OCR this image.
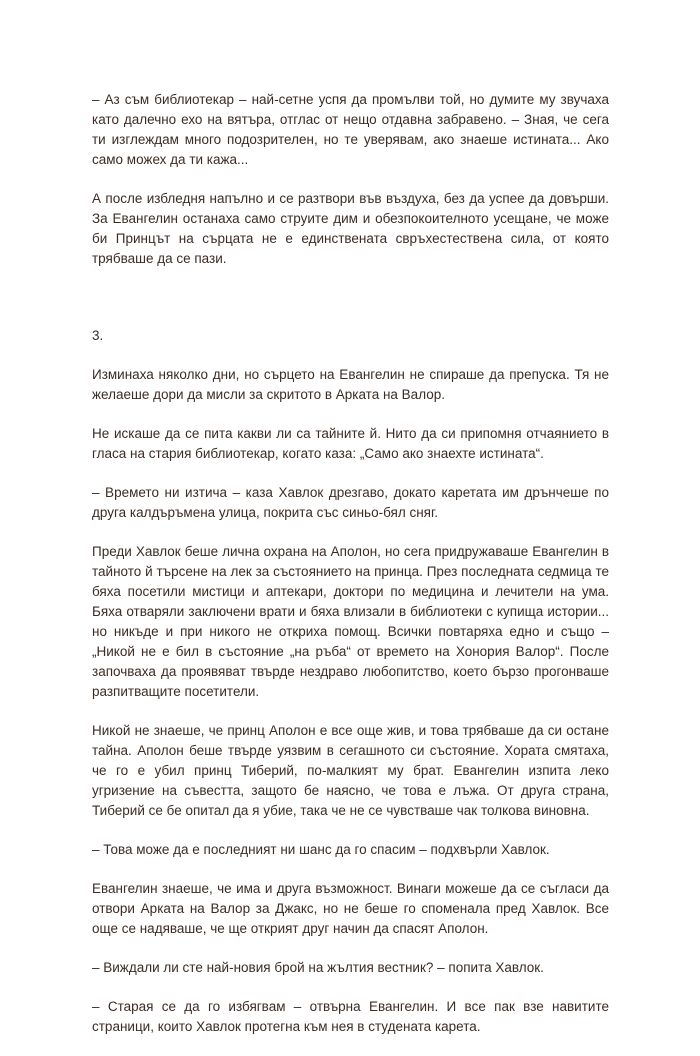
– Аз съм библиотекар – най-сетне успя да промълви той, но думите му звучаха като далечно ехо на вятъра, отглас от нещо отдавна забравено. – Зная, че сега ти изглеждам много подозрителен, но те уверявам, ако знаеше истината... Ако само можех да ти кажа...

А после избледня напълно и се разтвори във въздуха, без да успее да довърши. За Евангелин останаха само струите дим и обезпокоителното усещане, че може би Принцът на сърцата не е единствената свръхестествена сила, от която трябваше да се пази.

3.

Изминаха няколко дни, но сърцето на Евангелин не спираше да препуска. Тя не желаеше дори да мисли за скритото в Арката на Валор.

Не искаше да се пита какви ли са тайните й. Нито да си припомня отчаянието в гласа на стария библиотекар, когато каза: „Само ако знаехте истината“.

– Времето ни изтича – каза Хавлок дрезгаво, докато каретата им дрънчеше по друга калдъръмена улица, покрита със синьо-бял сняг.

Преди Хавлок беше лична охрана на Аполон, но сега придружаваше Евангелин в тайното й търсене на лек за състоянието на принца. През последната седмица те бяха посетили мистици и аптекари, доктори по медицина и лечители на ума. Бяха отваряли заключени врати и бяха влизали в библиотеки с купища истории... но никъде и при никого не откриха помощ. Всички повтаряха едно и също – „Никой не е бил в състояние „на ръба“ от времето на Хонория Валор“. После започваха да проявяват твърде нездраво любопитство, което бързо прогонваше разпитващите посетители.

Никой не знаеше, че принц Аполон е все още жив, и това трябваше да си остане тайна. Аполон беше твърде уязвим в сегашното си състояние. Хората смятаха, че го е убил принц Тиберий, по-малкият му брат. Евангелин изпита леко угризение на съвестта, защото бе наясно, че това е лъжа. От друга страна, Тиберий се бе опитал да я убие, така че не се чувстваше чак толкова виновна.

– Това може да е последният ни шанс да го спасим – подхвърли Хавлок.

Евангелин знаеше, че има и друга възможност. Винаги можеше да се съгласи да отвори Арката на Валор за Джакс, но не беше го споменала пред Хавлок. Все още се надяваше, че ще открият друг начин да спасят Аполон.

– Виждали ли сте най-новия брой на жълтия вестник? – попита Хавлок.

– Старая се да го избягвам – отвърна Евангелин. И все пак взе навитите страници, които Хавлок протегна към нея в студената карета.
